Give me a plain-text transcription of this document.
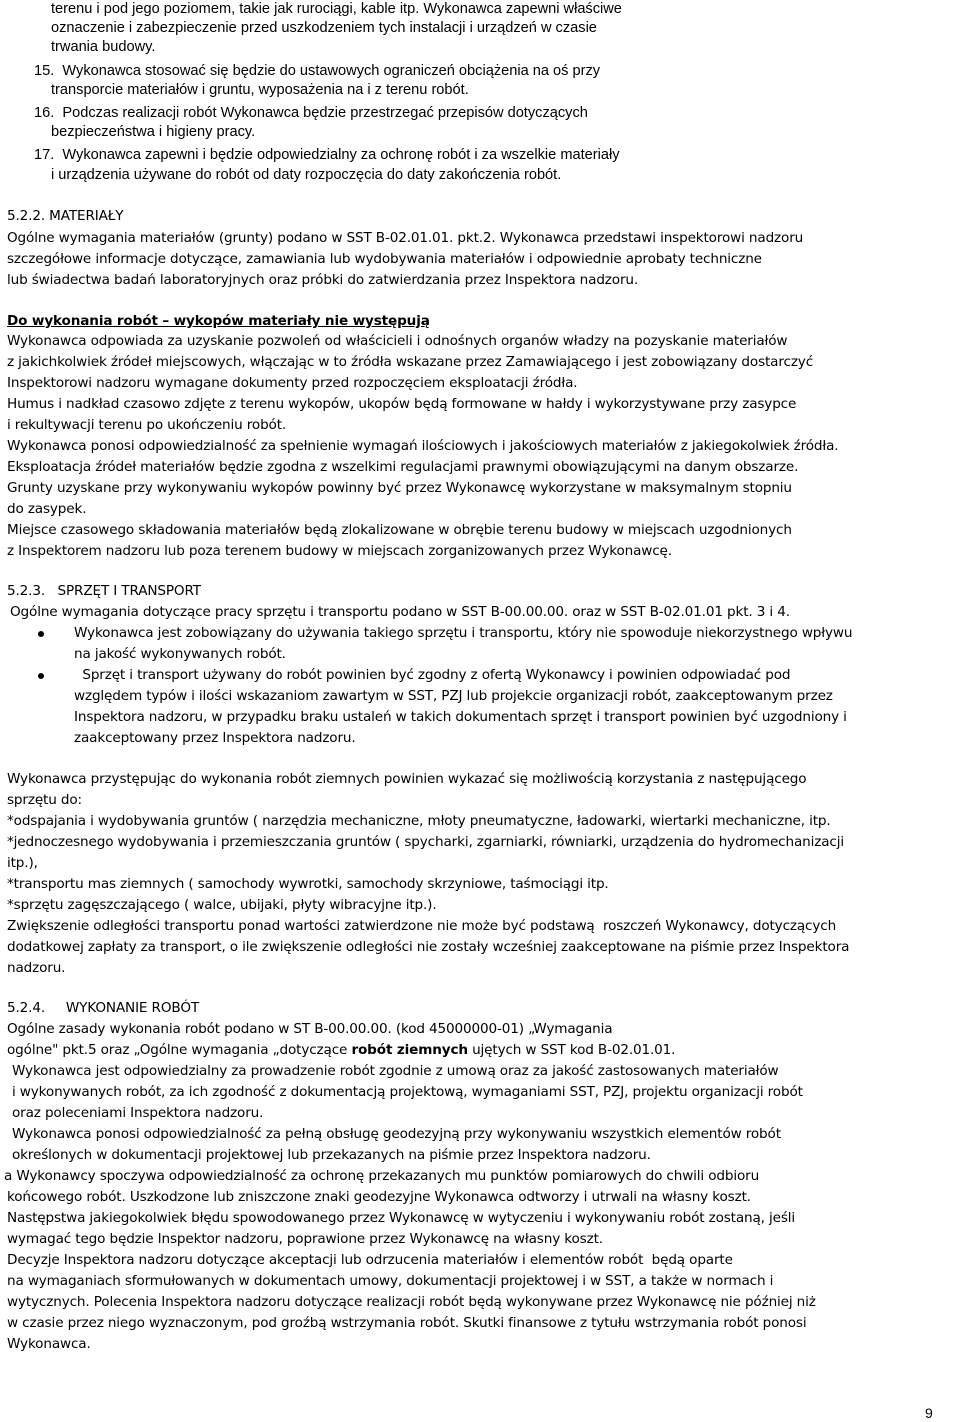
terenu i pod jego poziomem, takie jak rurociągi, kable itp. Wykonawca zapewni właściwe
oznaczenie i zabezpieczenie przed uszkodzeniem tych instalacji i urządzeń w czasie
trwania budowy.
15.  Wykonawca stosować się będzie do ustawowych ograniczeń obciążenia na oś przy
transporcie materiałów i gruntu, wyposażenia na i z terenu robót.
16.  Podczas realizacji robót Wykonawca będzie przestrzegać przepisów dotyczących
bezpieczeństwa i higieny pracy.
17.  Wykonawca zapewni i będzie odpowiedzialny za ochronę robót i za wszelkie materiały
i urządzenia używane do robót od daty rozpoczęcia do daty zakończenia robót.
5.2.2. MATERIAŁY
Ogólne wymagania materiałów (grunty) podano w SST B-02.01.01. pkt.2. Wykonawca przedstawi inspektorowi nadzoru
szczegółowe informacje dotyczące, zamawiania lub wydobywania materiałów i odpowiednie aprobaty techniczne
lub świadectwa badań laboratoryjnych oraz próbki do zatwierdzania przez Inspektora nadzoru.
Do wykonania robót – wykopów materiały nie występują
Wykonawca odpowiada za uzyskanie pozwoleń od właścicieli i odnośnych organów władzy na pozyskanie materiałów
z jakichkolwiek źródeł miejscowych, włączając w to źródła wskazane przez Zamawiającego i jest zobowiązany dostarczyć
Inspektorowi nadzoru wymagane dokumenty przed rozpoczęciem eksploatacji źródła.
Humus i nadkład czasowo zdjęte z terenu wykopów, ukopów będą formowane w hałdy i wykorzystywane przy zasypce
i rekultywacji terenu po ukończeniu robót.
Wykonawca ponosi odpowiedzialność za spełnienie wymagań ilościowych i jakościowych materiałów z jakiegokolwiek źródła.
Eksploatacja źródeł materiałów będzie zgodna z wszelkimi regulacjami prawnymi obowiązującymi na danym obszarze.
Grunty uzyskane przy wykonywaniu wykopów powinny być przez Wykonawcę wykorzystane w maksymalnym stopniu
do zasypek.
Miejsce czasowego składowania materiałów będą zlokalizowane w obrębie terenu budowy w miejscach uzgodnionych
z Inspektorem nadzoru lub poza terenem budowy w miejscach zorganizowanych przez Wykonawcę.
5.2.3.   SPRZĘT I TRANSPORT
Ogólne wymagania dotyczące pracy sprzętu i transportu podano w SST B-00.00.00. oraz w SST B-02.01.01 pkt. 3 i 4.
Wykonawca jest zobowiązany do używania takiego sprzętu i transportu, który nie spowoduje niekorzystnego wpływu
na jakość wykonywanych robót.
Sprzęt i transport używany do robót powinien być zgodny z ofertą Wykonawcy i powinien odpowiadać pod
względem typów i ilości wskazaniom zawartym w SST, PZJ lub projekcie organizacji robót, zaakceptowanym przez
Inspektora nadzoru, w przypadku braku ustaleń w takich dokumentach sprzęt i transport powinien być uzgodniony i
zaakceptowany przez Inspektora nadzoru.
Wykonawca przystępując do wykonania robót ziemnych powinien wykazać się możliwością korzystania z następującego
sprzętu do:
*odspajania i wydobywania gruntów ( narzędzia mechaniczne, młoty pneumatyczne, ładowarki, wiertarki mechaniczne, itp.
*jednoczesnego wydobywania i przemieszczania gruntów ( spycharki, zgarniarki, równiarki, urządzenia do hydromechanizacji
itp.),
*transportu mas ziemnych ( samochody wywrotki, samochody skrzyniowe, taśmociągi itp.
*sprzętu zagęszczającego ( walce, ubijaki, płyty wibracyjne itp.).
Zwiększenie odległości transportu ponad wartości zatwierdzone nie może być podstawą  roszczeń Wykonawcy, dotyczących
dodatkowej zapłaty za transport, o ile zwiększenie odległości nie zostały wcześniej zaakceptowane na piśmie przez Inspektora
nadzoru.
5.2.4.     WYKONANIE ROBÓT
Ogólne zasady wykonania robót podano w ST B-00.00.00. (kod 45000000-01) „Wymagania
ogólne" pkt.5 oraz „Ogólne wymagania „dotyczące robót ziemnych ujętych w SST kod B-02.01.01.
Wykonawca jest odpowiedzialny za prowadzenie robót zgodnie z umową oraz za jakość zastosowanych materiałów
i wykonywanych robót, za ich zgodność z dokumentacją projektową, wymaganiami SST, PZJ, projektu organizacji robót
oraz poleceniami Inspektora nadzoru.
Wykonawca ponosi odpowiedzialność za pełną obsługę geodezyjną przy wykonywaniu wszystkich elementów robót
określonych w dokumentacji projektowej lub przekazanych na piśmie przez Inspektora nadzoru.
a Wykonawcy spoczywa odpowiedzialność za ochronę przekazanych mu punktów pomiarowych do chwili odbioru
końcowego robót. Uszkodzone lub zniszczone znaki geodezyjne Wykonawca odtworzy i utrwali na własny koszt.
Następstwa jakiegokolwiek błędu spowodowanego przez Wykonawcę w wytyczeniu i wykonywaniu robót zostaną, jeśli
wymagać tego będzie Inspektor nadzoru, poprawione przez Wykonawcę na własny koszt.
Decyzje Inspektora nadzoru dotyczące akceptacji lub odrzucenia materiałów i elementów robót  będą oparte
na wymaganiach sformułowanych w dokumentach umowy, dokumentacji projektowej i w SST, a także w normach i
wytycznych. Polecenia Inspektora nadzoru dotyczące realizacji robót będą wykonywane przez Wykonawcę nie później niż
w czasie przez niego wyznaczonym, pod groźbą wstrzymania robót. Skutki finansowe z tytułu wstrzymania robót ponosi
Wykonawca.
9
